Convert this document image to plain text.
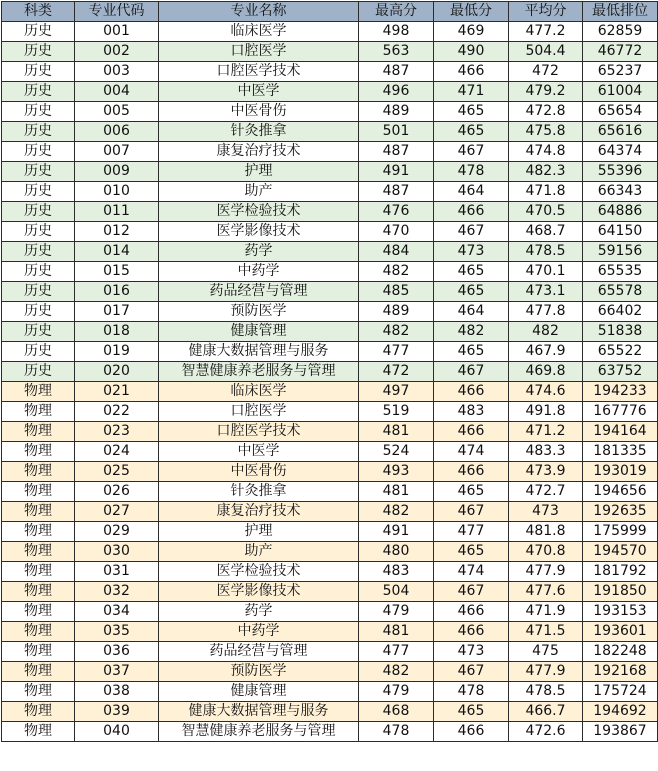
科类	专业代码	专业名称	最高分	最低分	平均分	最低排位
历史	001	临床医学	498	469	477.2	62859
历史	002	口腔医学	563	490	504.4	46772
历史	003	口腔医学技术	487	466	472	65237
历史	004	中医学	496	471	479.2	61004
历史	005	中医骨伤	489	465	472.8	65654
历史	006	针灸推拿	501	465	475.8	65616
历史	007	康复治疗技术	487	467	474.8	64374
历史	009	护理	491	478	482.3	55396
历史	010	助产	487	464	471.8	66343
历史	011	医学检验技术	476	466	470.5	64886
历史	012	医学影像技术	470	467	468.7	64150
历史	014	药学	484	473	478.5	59156
历史	015	中药学	482	465	470.1	65535
历史	016	药品经营与管理	485	465	473.1	65578
历史	017	预防医学	489	464	477.8	66402
历史	018	健康管理	482	482	482	51838
历史	019	健康大数据管理与服务	477	465	467.9	65522
历史	020	智慧健康养老服务与管理	472	467	469.8	63752
物理	021	临床医学	497	466	474.6	194233
物理	022	口腔医学	519	483	491.8	167776
物理	023	口腔医学技术	481	466	471.2	194164
物理	024	中医学	524	474	483.3	181335
物理	025	中医骨伤	493	466	473.9	193019
物理	026	针灸推拿	481	465	472.7	194656
物理	027	康复治疗技术	482	467	473	192635
物理	029	护理	491	477	481.8	175999
物理	030	助产	480	465	470.8	194570
物理	031	医学检验技术	483	474	477.9	181792
物理	032	医学影像技术	504	467	477.6	191850
物理	034	药学	479	466	471.9	193153
物理	035	中药学	481	466	471.5	193601
物理	036	药品经营与管理	477	473	475	182248
物理	037	预防医学	482	467	477.9	192168
物理	038	健康管理	479	478	478.5	175724
物理	039	健康大数据管理与服务	468	465	466.7	194692
物理	040	智慧健康养老服务与管理	478	466	472.6	193867
